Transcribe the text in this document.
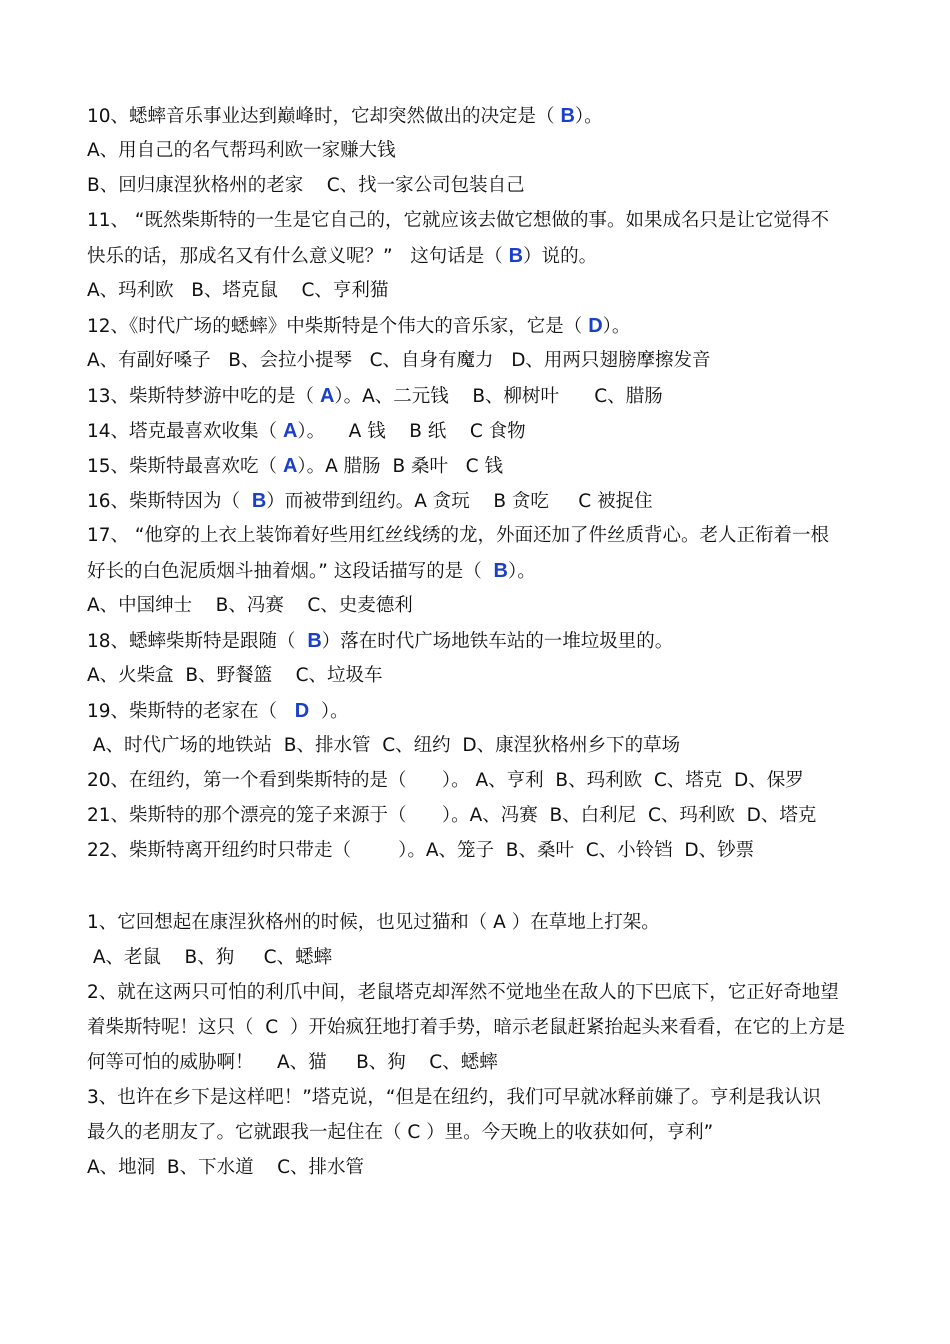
10、蟋蟀音乐事业达到巅峰时，它却突然做出的决定是（ B）。
A、用自己的名气帮玛利欧一家赚大钱
B、回归康涅狄格州的老家    C、找一家公司包装自己
11、 “既然柴斯特的一生是它自己的，它就应该去做它想做的事。如果成名只是让它觉得不
快乐的话，那成名又有什么意义呢？”   这句话是（ B）说的。
A、玛利欧   B、塔克鼠    C、亨利猫
12、《时代广场的蟋蟀》中柴斯特是个伟大的音乐家，它是（ D）。
A、有副好嗓子   B、会拉小提琴   C、自身有魔力   D、用两只翅膀摩擦发音
13、柴斯特梦游中吃的是（ A）。A、二元钱    B、柳树叶      C、腊肠
14、塔克最喜欢收集（ A）。    A 钱    B 纸    C 食物
15、柴斯特最喜欢吃（ A）。A 腊肠  B 桑叶   C 钱
16、柴斯特因为（  B）而被带到纽约。A 贪玩    B 贪吃     C 被捉住
17、 “他穿的上衣上装饰着好些用红丝线绣的龙，外面还加了件丝质背心。老人正衔着一根
好长的白色泥质烟斗抽着烟。” 这段话描写的是（  B）。
A、中国绅士    B、冯赛    C、史麦德利
18、蟋蟀柴斯特是跟随（  B）落在时代广场地铁车站的一堆垃圾里的。
A、火柴盒  B、野餐篮    C、垃圾车
19、柴斯特的老家在（   D  ）。
A、时代广场的地铁站  B、排水管  C、纽约  D、康涅狄格州乡下的草场
20、在纽约，第一个看到柴斯特的是（      ）。 A、亨利  B、玛利欧  C、塔克  D、保罗
21、柴斯特的那个漂亮的笼子来源于（      ）。A、冯赛  B、白利尼  C、玛利欧  D、塔克
22、柴斯特离开纽约时只带走（        ）。A、笼子  B、桑叶  C、小铃铛  D、钞票
1、它回想起在康涅狄格州的时候，也见过猫和（ A ）在草地上打架。
A、老鼠    B、狗     C、蟋蟀
2、就在这两只可怕的利爪中间，老鼠塔克却浑然不觉地坐在敌人的下巴底下，它正好奇地望
着柴斯特呢！这只（  C  ）开始疯狂地打着手势，暗示老鼠赶紧抬起头来看看，在它的上方是
何等可怕的威胁啊！    A、猫     B、狗    C、蟋蟀
3、也许在乡下是这样吧！”塔克说，“但是在纽约，我们可早就冰释前嫌了。亨利是我认识
最久的老朋友了。它就跟我一起住在（ C ）里。今天晚上的收获如何，亨利”
A、地洞  B、下水道    C、排水管
